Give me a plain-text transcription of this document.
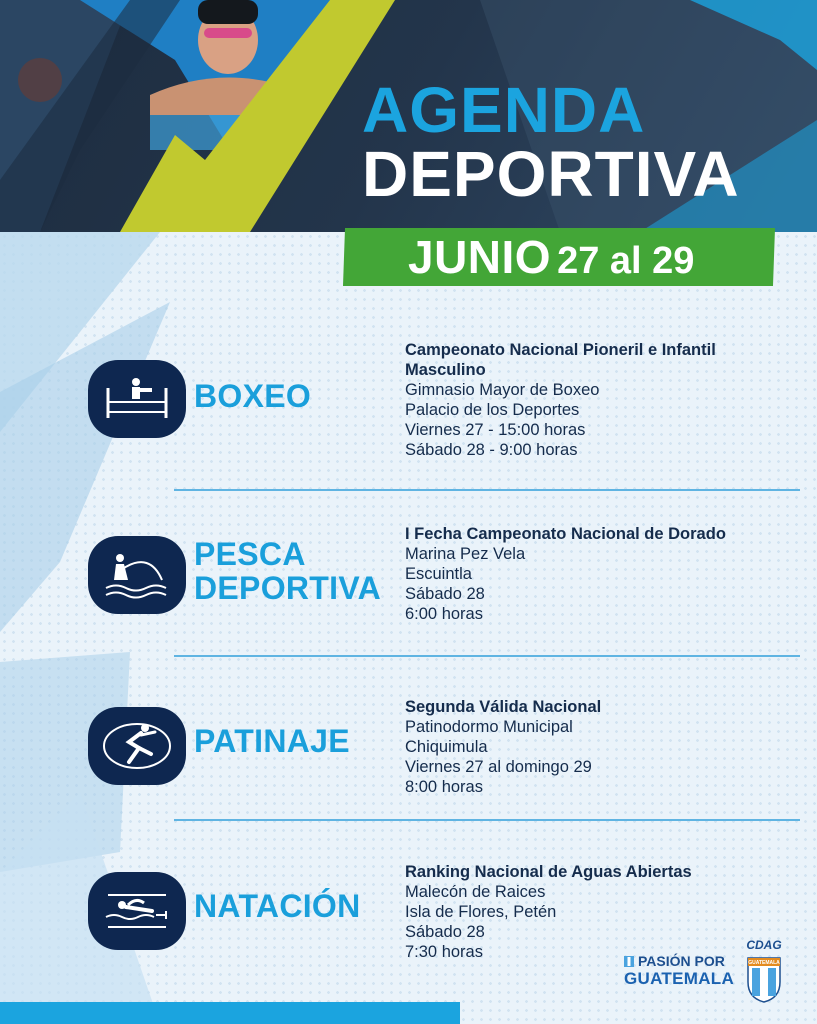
AGENDA
DEPORTIVA
JUNIO 27 al 29
BOXEO
Campeonato Nacional Pioneril e Infantil Masculino
Gimnasio Mayor de Boxeo
Palacio de los Deportes
Viernes 27 - 15:00 horas
Sábado 28 - 9:00 horas
PESCA
DEPORTIVA
I Fecha Campeonato Nacional de Dorado
Marina Pez Vela
Escuintla
Sábado 28
6:00 horas
PATINAJE
Segunda Válida Nacional
Patinodormo Municipal
Chiquimula
Viernes 27 al domingo 29
8:00 horas
NATACIÓN
Ranking Nacional de Aguas Abiertas
Malecón de Raices
Isla de Flores, Petén
Sábado 28
7:30 horas	PASIÓN POR
GUATEMALA
CDAG
GUATEMALA
